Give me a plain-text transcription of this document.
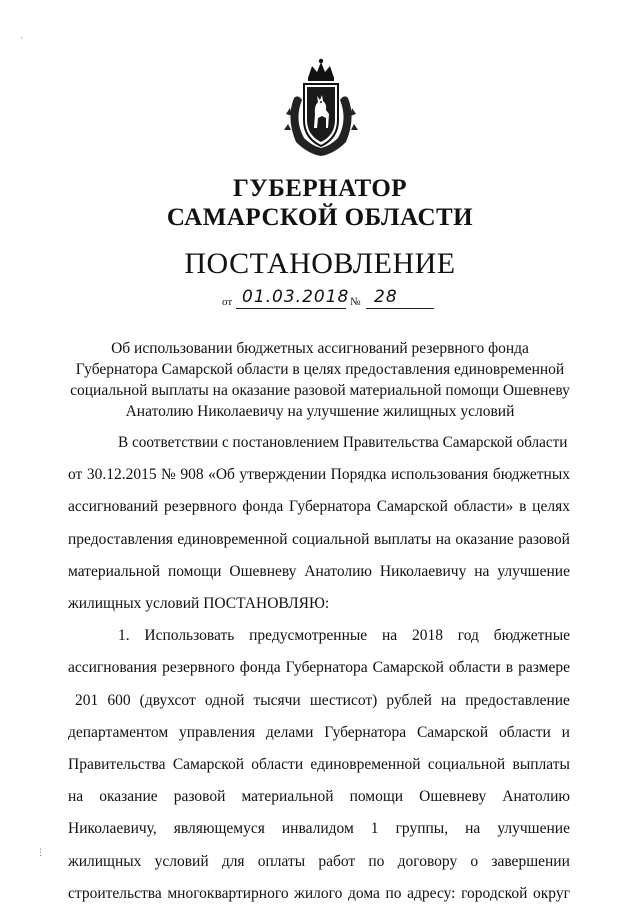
·
ГУБЕРНАТОР
САМАРСКОЙ ОБЛАСТИ
ПОСТАНОВЛЕНИЕ
от 01.03.2018 № 28
Об использовании бюджетных ассигнований резервного фонда
Губернатора Самарской области в целях предоставления единовременной
социальной выплаты на оказание разовой материальной помощи Ошевневу
Анатолию Николаевичу на улучшение жилищных условий
В соответствии с постановлением Правительства Самарской области
от 30.12.2015 № 908 «Об утверждении Порядка использования бюджетных
ассигнований резервного фонда Губернатора Самарской области» в целях
предоставления единовременной социальной выплаты на оказание разовой
материальной помощи Ошевневу Анатолию Николаевичу на улучшение
жилищных условий ПОСТАНОВЛЯЮ:
1. Использовать предусмотренные на 2018 год бюджетные
ассигнования резервного фонда Губернатора Самарской области в размере
201 600 (двухсот одной тысячи шестисот) рублей на предоставление
департаментом управления делами Губернатора Самарской области и
Правительства Самарской области единовременной социальной выплаты
на оказание разовой материальной помощи Ошевневу Анатолию
Николаевичу, являющемуся инвалидом 1 группы, на улучшение
жилищных условий для оплаты работ по договору о завершении
строительства многоквартирного жилого дома по адресу: городской округ
⋮
